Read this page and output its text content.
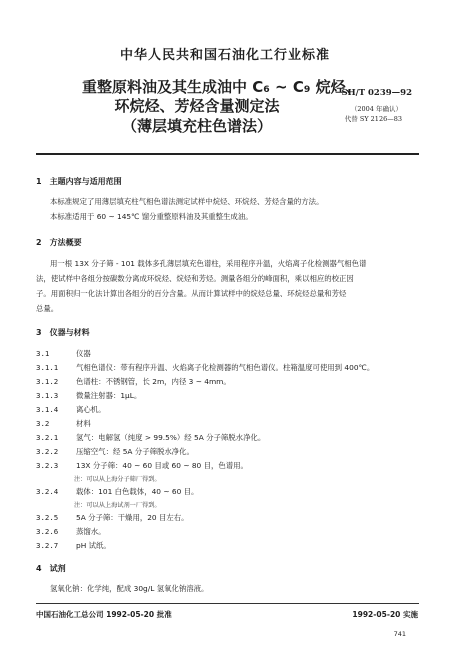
中华人民共和国石油化工行业标准
重整原料油及其生成油中 C₆ ~ C₉ 烷烃、
环烷烃、芳烃含量测定法
（薄层填充柱色谱法）
SH/T 0239—92
（2004 年确认）
代替 SY 2126—83
1　主题内容与适用范围
本标准规定了用薄层填充柱气相色谱法测定试样中烷烃、环烷烃、芳烃含量的方法。
本标准适用于 60 ~ 145℃ 馏分重整原料油及其重整生成油。
2　方法概要
用一根 13X 分子筛 - 101 载体多孔薄层填充色谱柱，采用程序升温，火焰离子化检测器气相色谱
法，使试样中各组分按碳数分离成环烷烃、烷烃和芳烃。测量各组分的峰面积，乘以相应的校正因
子。用面积归一化法计算出各组分的百分含量。从而计算试样中的烷烃总量、环烷烃总量和芳烃
总量。
3　仪器与材料
3.1	仪器
3.1.1 气相色谱仪：带有程序升温、火焰离子化检测器的气相色谱仪。柱箱温度可使用到 400℃。
3.1.2 色谱柱：不锈钢管，长 2m，内径 3 ~ 4mm。
3.1.3 微量注射器：1μL。
3.1.4 离心机。
3.2	材料
3.2.1 氢气：电解氢（纯度 > 99.5%）经 5A 分子筛脱水净化。
3.2.2 压缩空气：经 5A 分子筛脱水净化。
3.2.3 13X 分子筛：40 ~ 60 目或 60 ~ 80 目，色谱用。
注：可以从上海分子筛厂得到。
3.2.4 载体：101 白色载体，40 ~ 60 目。
注：可以从上海试剂一厂得到。
3.2.5 5A 分子筛：干燥用，20 目左右。
3.2.6 蒸馏水。
3.2.7 pH 试纸。
4　试剂
氢氧化钠：化学纯，配成 30g/L 氢氧化钠溶液。
中国石油化工总公司 1992-05-20 批准	1992-05-20 实施
741
